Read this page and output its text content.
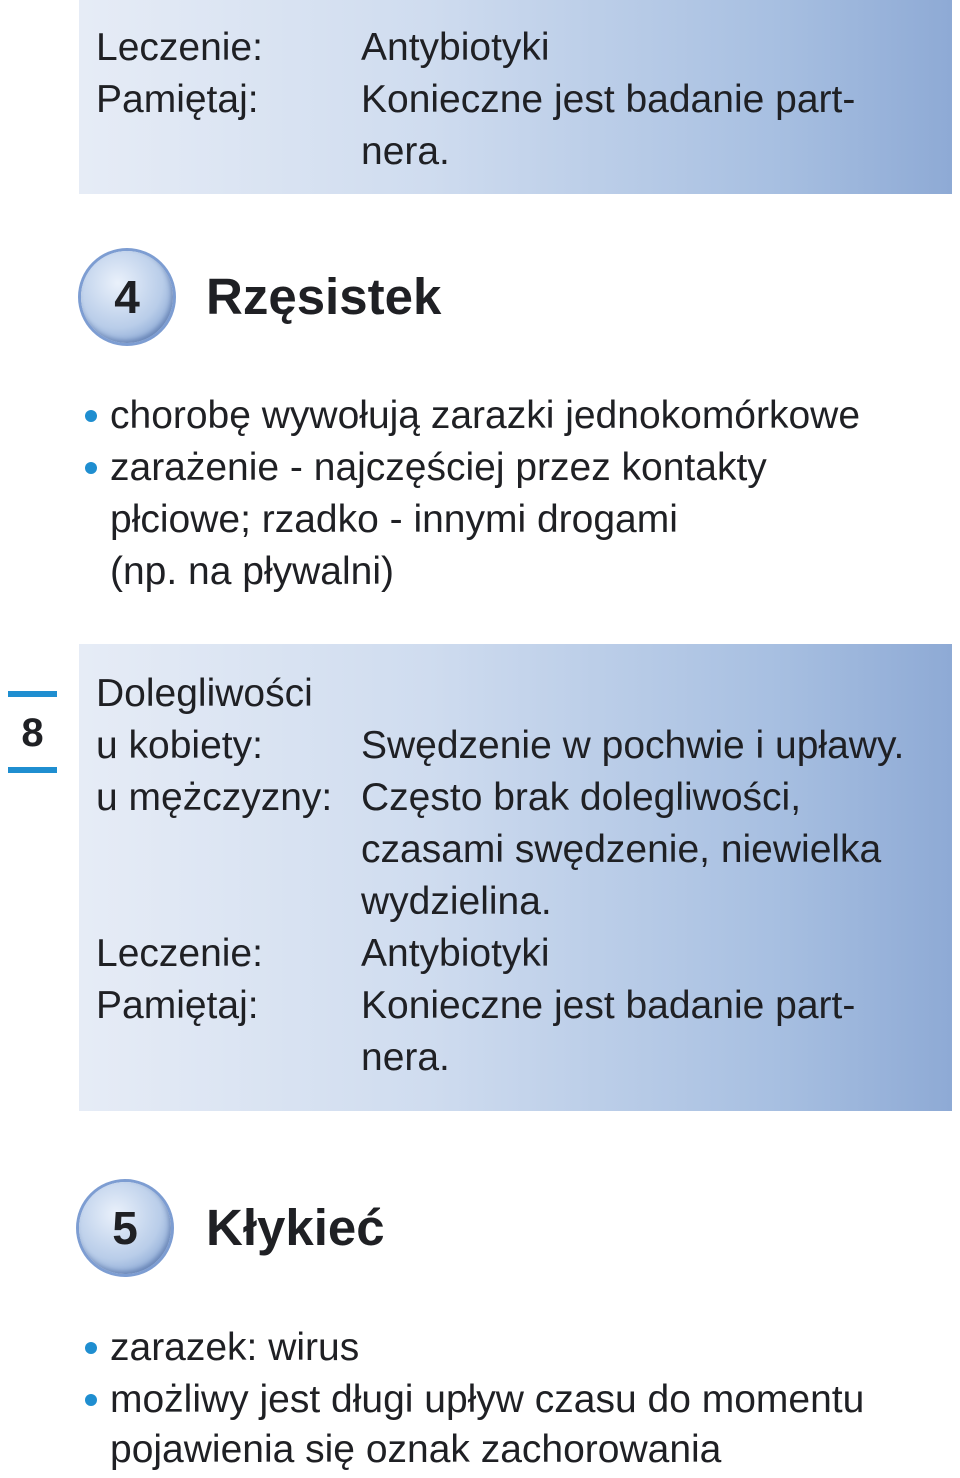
Leczenie:	Antybiotyki
Pamiętaj:	Konieczne jest badanie part-
nera.
4	Rzęsistek
chorobę wywołują zarazki jednokomórkowe
zarażenie - najczęściej przez kontakty
płciowe; rzadko - innymi drogami
(np. na pływalni)
8
Dolegliwości
u kobiety:	Swędzenie w pochwie i upławy.
u mężczyzny: Często brak dolegliwości,
czasami swędzenie, niewielka
wydzielina.
Leczenie:	Antybiotyki
Pamiętaj:	Konieczne jest badanie part-
nera.
5	Kłykieć
zarazek: wirus
możliwy jest długi upływ czasu do momentu
pojawienia się oznak zachorowania
